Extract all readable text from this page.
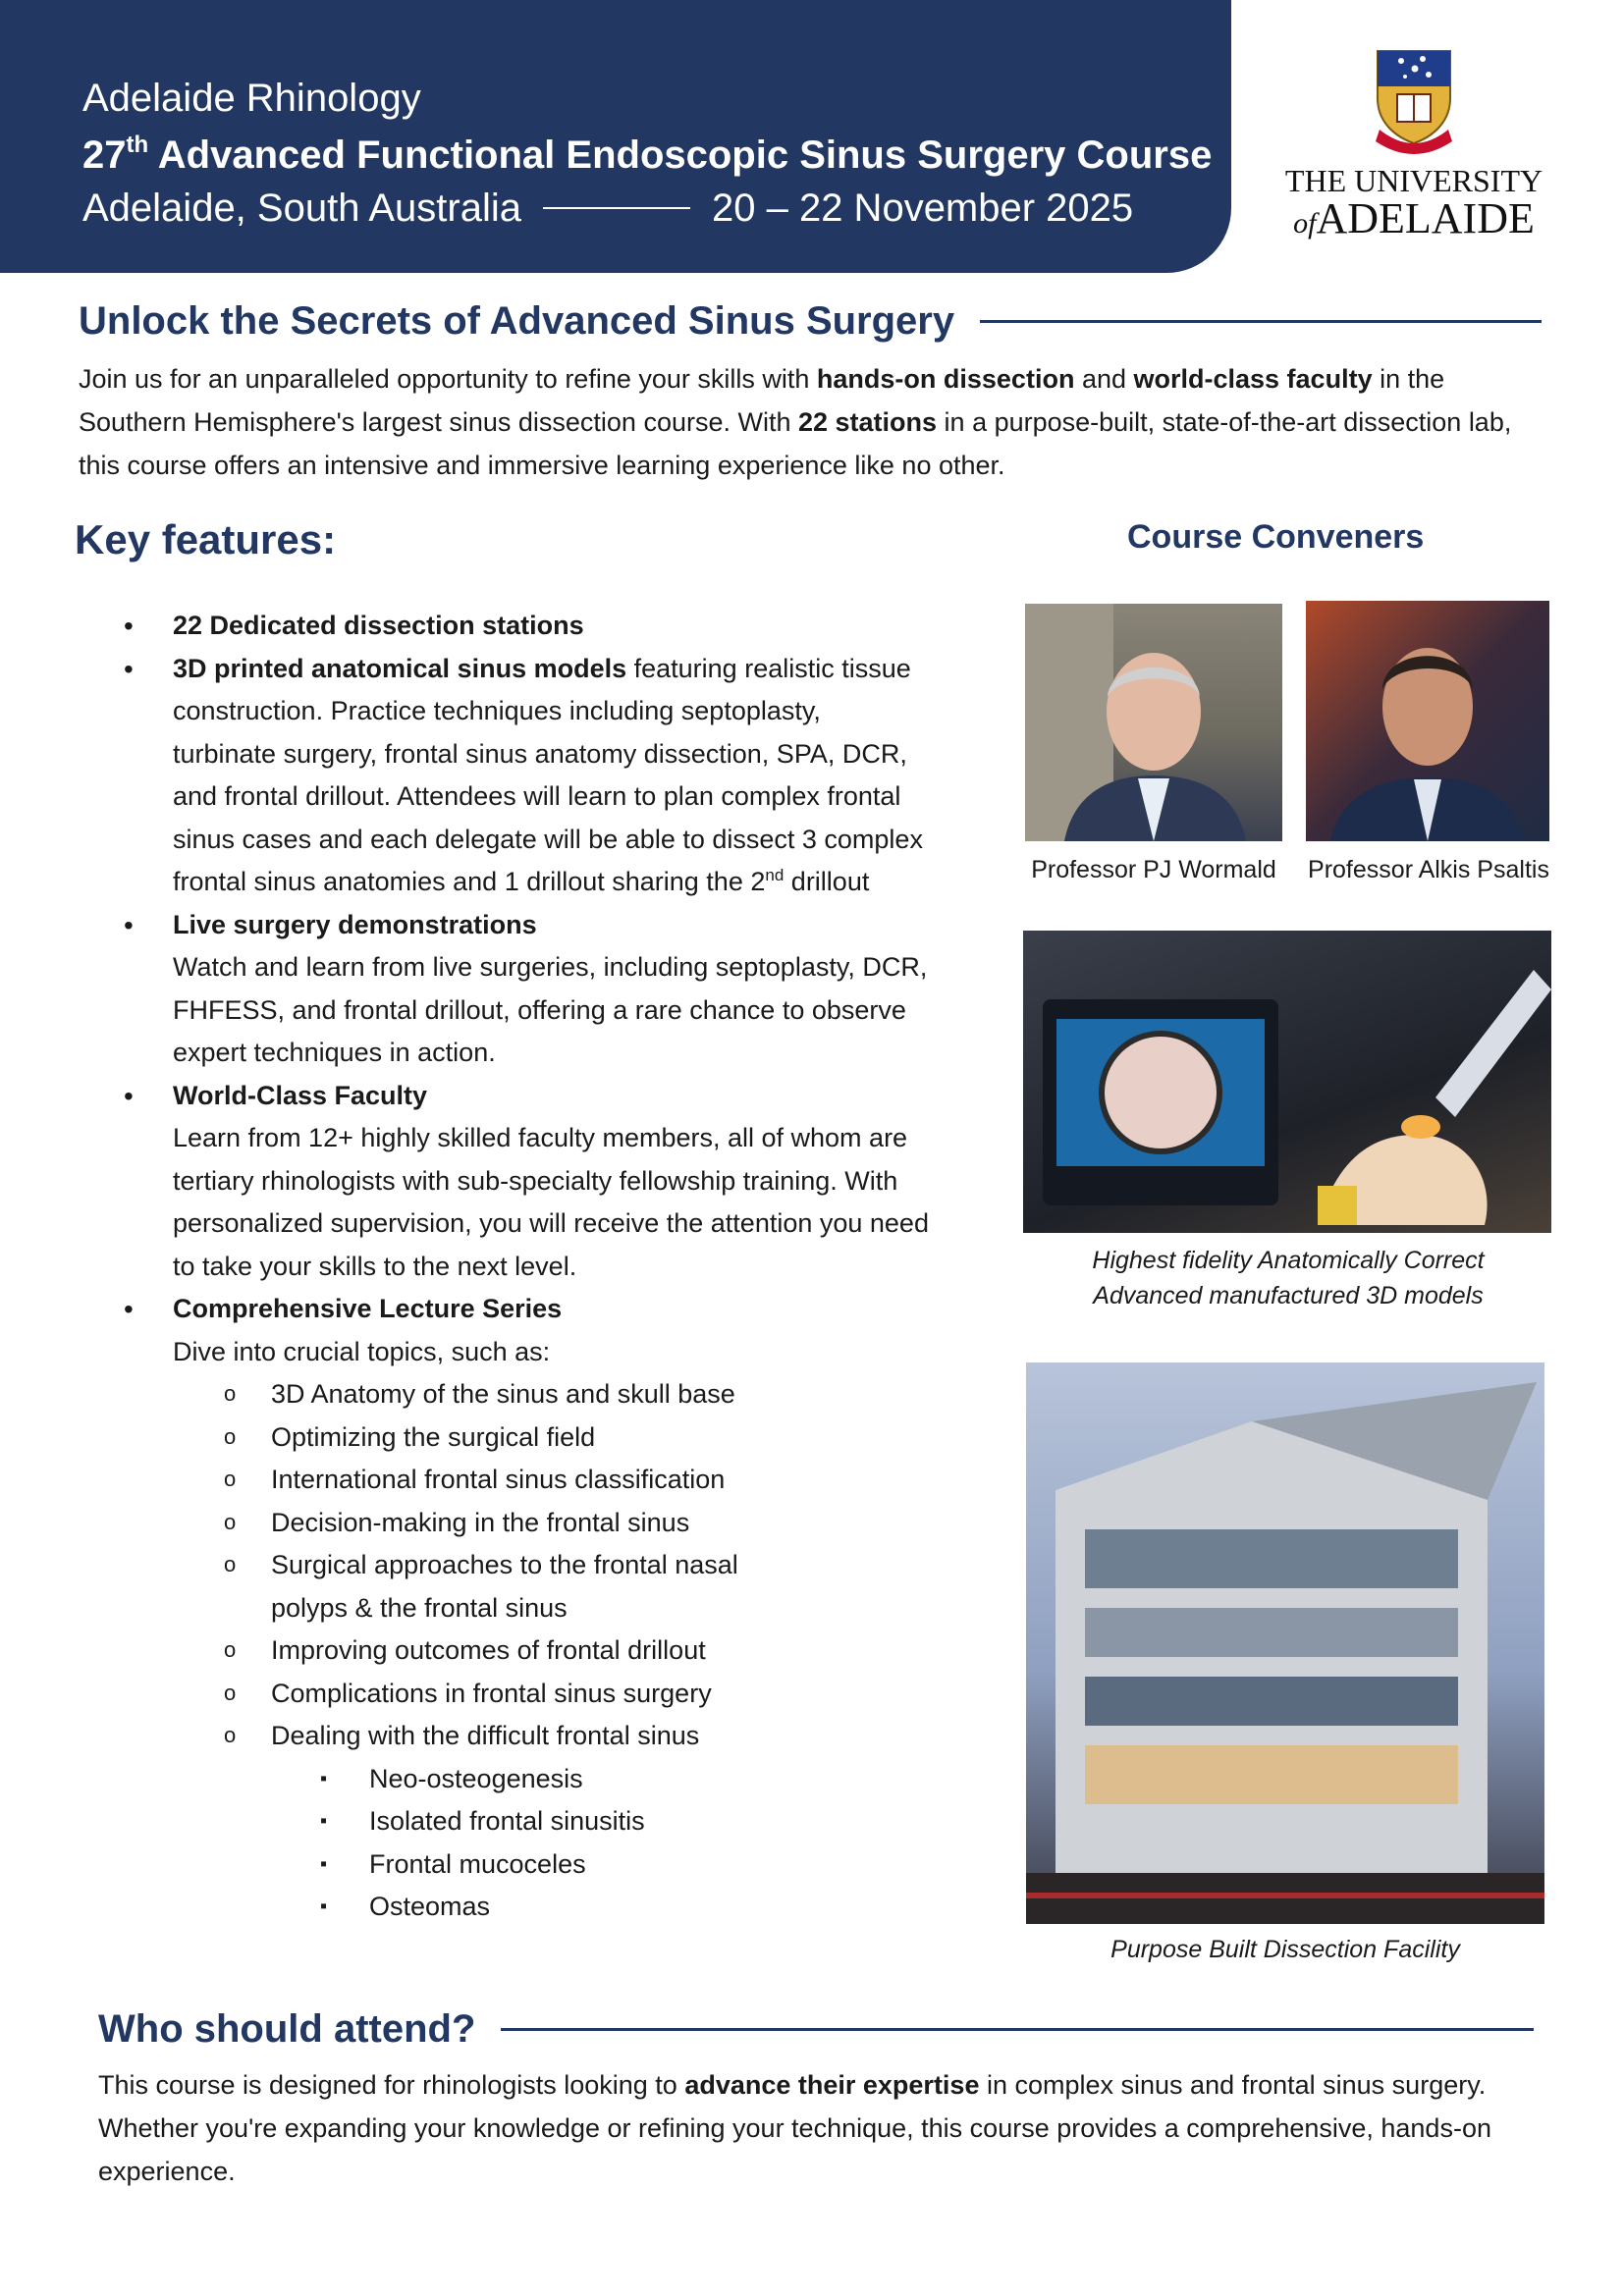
Adelaide Rhinology
27th Advanced Functional Endoscopic Sinus Surgery Course
Adelaide, South Australia	20 – 22 November 2025
THE UNIVERSITY
ofADELAIDE
Unlock the Secrets of Advanced Sinus Surgery

Join us for an unparalleled opportunity to refine your skills with hands-on dissection and world-class faculty in the Southern Hemisphere's largest sinus dissection course. With 22 stations in a purpose-built, state-of-the-art dissection lab, this course offers an intensive and immersive learning experience like no other.

Key features:	Course Conveners
• 22 Dedicated dissection stations
• 3D printed anatomical sinus models featuring realistic tissue construction. Practice techniques including septoplasty, turbinate surgery, frontal sinus anatomy dissection, SPA, DCR, and frontal drillout. Attendees will learn to plan complex frontal sinus cases and each delegate will be able to dissect 3 complex frontal sinus anatomies and 1 drillout sharing the 2nd drillout
• Live surgery demonstrations
Watch and learn from live surgeries, including septoplasty, DCR, FHFESS, and frontal drillout, offering a rare chance to observe expert techniques in action.
• World-Class Faculty
Learn from 12+ highly skilled faculty members, all of whom are tertiary rhinologists with sub-specialty fellowship training. With personalized supervision, you will receive the attention you need to take your skills to the next level.
• Comprehensive Lecture Series
Dive into crucial topics, such as:
o 3D Anatomy of the sinus and skull base
o Optimizing the surgical field
o International frontal sinus classification
o Decision-making in the frontal sinus
o Surgical approaches to the frontal nasal polyps & the frontal sinus
o Improving outcomes of frontal drillout
o Complications in frontal sinus surgery
o Dealing with the difficult frontal sinus
▪ Neo-osteogenesis
▪ Isolated frontal sinusitis
▪ Frontal mucoceles
▪ Osteomas
Professor PJ Wormald Professor Alkis Psaltis
Highest fidelity Anatomically Correct
Advanced manufactured 3D models
Purpose Built Dissection Facility
Who should attend?

This course is designed for rhinologists looking to advance their expertise in complex sinus and frontal sinus surgery. Whether you're expanding your knowledge or refining your technique, this course provides a comprehensive, hands-on experience.
